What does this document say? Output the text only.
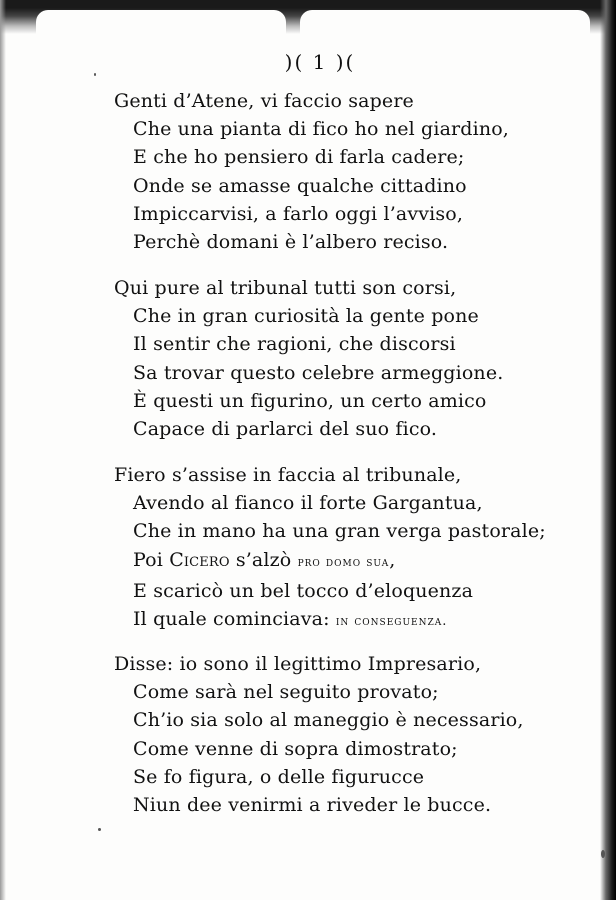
)( 1 )(
Genti d’Atene, vi faccio sapere
Che una pianta di fico ho nel giardino,
E che ho pensiero di farla cadere;
Onde se amasse qualche cittadino
Impiccarvisi, a farlo oggi l’avviso,
Perchè domani è l’albero reciso.
Qui pure al tribunal tutti son corsi,
Che in gran curiosità la gente pone
Il sentir che ragioni, che discorsi
Sa trovar questo celebre armeggione.
È questi un figurino, un certo amico
Capace di parlarci del suo fico.
Fiero s’assise in faccia al tribunale,
Avendo al fianco il forte Gargantua,
Che in mano ha una gran verga pastorale;
Poi Cicero s’alzò pro domo sua,
E scaricò un bel tocco d’eloquenza
Il quale cominciava: in conseguenza.
Disse: io sono il legittimo Impresario,
Come sarà nel seguito provato;
Ch’io sia solo al maneggio è necessario,
Come venne di sopra dimostrato;
Se fo figura, o delle figurucce
Niun dee venirmi a riveder le bucce.
